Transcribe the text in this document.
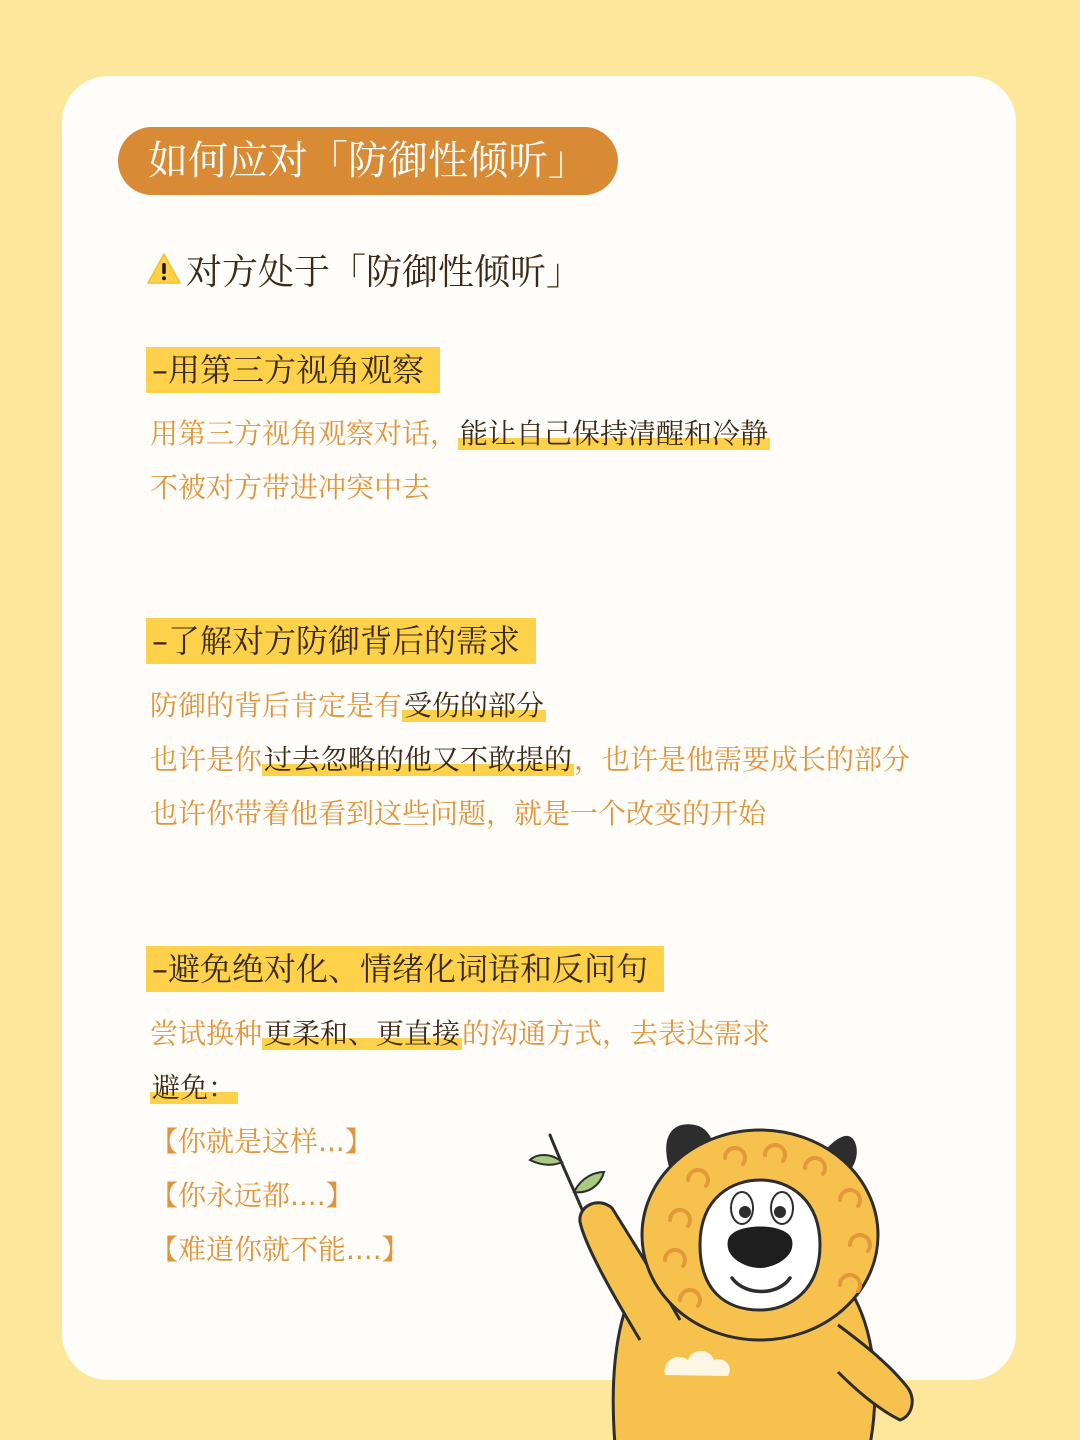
如何应对「防御性倾听」
对方处于「防御性倾听」
–用第三方视角观察
用第三方视角观察对话，能让自己保持清醒和冷静
不被对方带进冲突中去
–了解对方防御背后的需求
防御的背后肯定是有受伤的部分
也许是你过去忽略的他又不敢提的，也许是他需要成长的部分
也许你带着他看到这些问题，就是一个改变的开始
–避免绝对化、情绪化词语和反问句
尝试换种更柔和、更直接的沟通方式，去表达需求
避免：
【你就是这样...】
【你永远都....】
【难道你就不能....】
